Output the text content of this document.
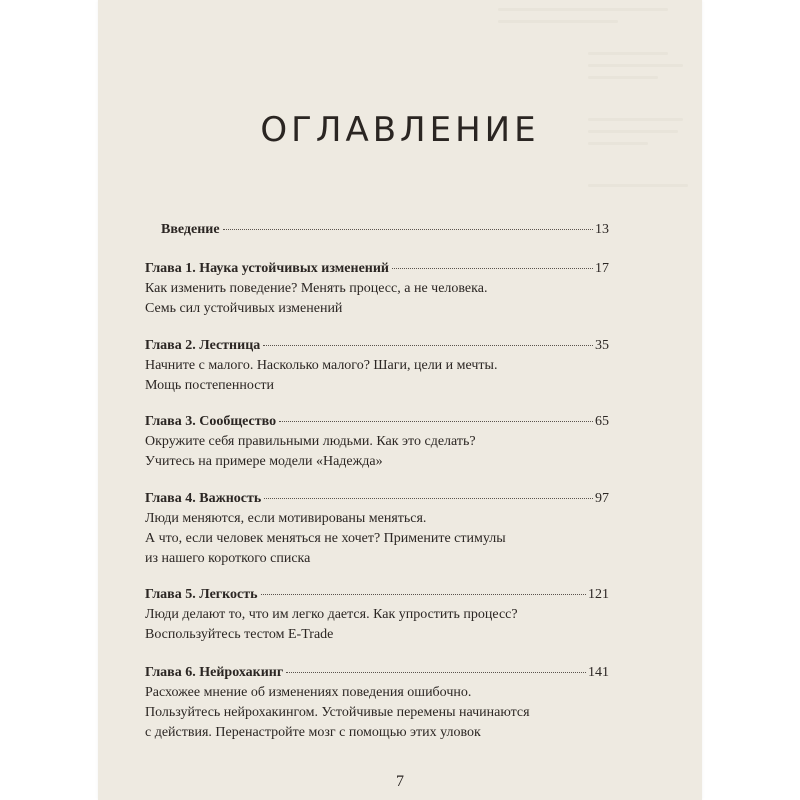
ОГЛАВЛЕНИЕ
Введение	13
Глава 1. Наука устойчивых изменений	17
Как изменить поведение? Менять процесс, а не человека.
Семь сил устойчивых изменений
Глава 2. Лестница	35
Начните с малого. Насколько малого? Шаги, цели и мечты.
Мощь постепенности
Глава 3. Сообщество	65
Окружите себя правильными людьми. Как это сделать?
Учитесь на примере модели «Надежда»
Глава 4. Важность	97
Люди меняются, если мотивированы меняться.
А что, если человек меняться не хочет? Примените стимулы
из нашего короткого списка
Глава 5. Легкость	121
Люди делают то, что им легко дается. Как упростить процесс?
Воспользуйтесь тестом E-Trade
Глава 6. Нейрохакинг	141
Расхожее мнение об изменениях поведения ошибочно.
Пользуйтесь нейрохакингом. Устойчивые перемены начинаются
с действия. Перенастройте мозг с помощью этих уловок
7
